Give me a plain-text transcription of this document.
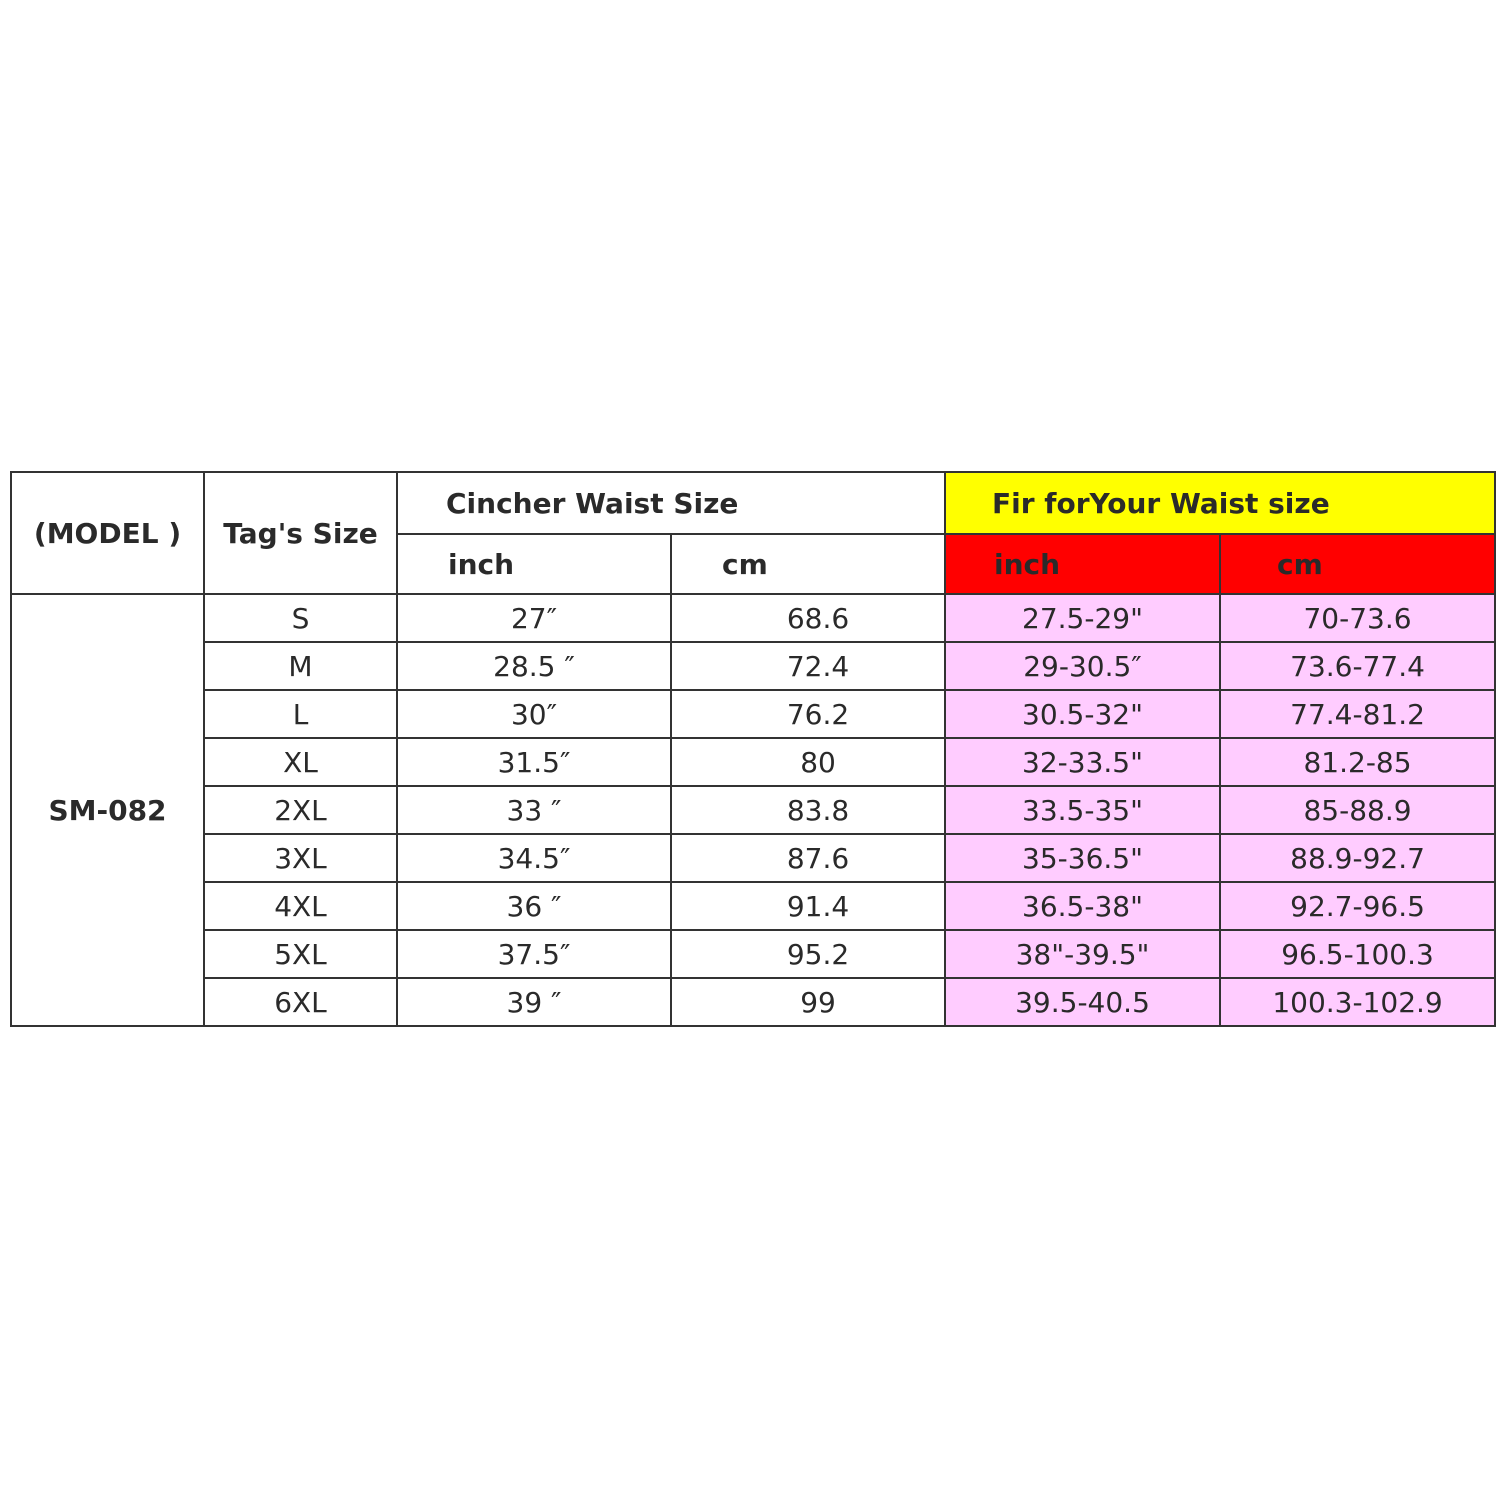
(MODEL )	Tag's Size	Cincher Waist Size		Fir forYour Waist size	
		inch	cm	inch	cm
SM-082	S	27″	68.6	27.5-29"	70-73.6
	M	28.5 ″	72.4	29-30.5″	73.6-77.4
	L	30″	76.2	30.5-32"	77.4-81.2
	XL	31.5″	80	32-33.5"	81.2-85
	2XL	33 ″	83.8	33.5-35"	85-88.9
	3XL	34.5″	87.6	35-36.5"	88.9-92.7
	4XL	36 ″	91.4	36.5-38"	92.7-96.5
	5XL	37.5″	95.2	38"-39.5"	96.5-100.3
	6XL	39 ″	99	39.5-40.5	100.3-102.9
